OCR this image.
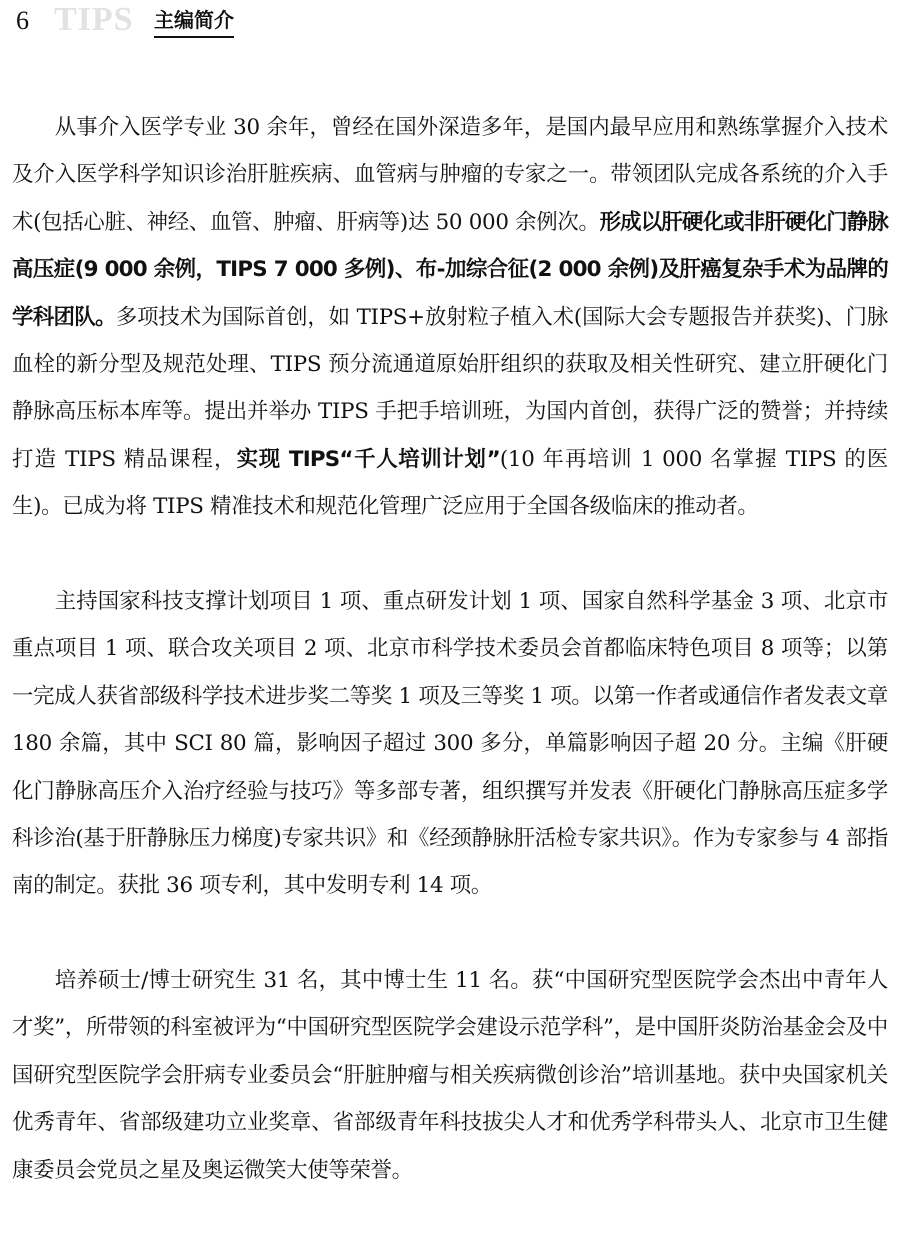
6 TIPS 主编简介

从事介入医学专业 30 余年，曾经在国外深造多年，是国内最早应用和熟练掌握介入技术及介入医学科学知识诊治肝脏疾病、血管病与肿瘤的专家之一。带领团队完成各系统的介入手术(包括心脏、神经、血管、肿瘤、肝病等)达 50 000 余例次。形成以肝硬化或非肝硬化门静脉高压症(9 000 余例，TIPS 7 000 多例)、布-加综合征(2 000 余例)及肝癌复杂手术为品牌的学科团队。多项技术为国际首创，如 TIPS+放射粒子植入术(国际大会专题报告并获奖)、门脉血栓的新分型及规范处理、TIPS 预分流通道原始肝组织的获取及相关性研究、建立肝硬化门静脉高压标本库等。提出并举办 TIPS 手把手培训班，为国内首创，获得广泛的赞誉；并持续打造 TIPS 精品课程，实现 TIPS“千人培训计划”(10 年再培训 1 000 名掌握 TIPS 的医生)。已成为将 TIPS 精准技术和规范化管理广泛应用于全国各级临床的推动者。

主持国家科技支撑计划项目 1 项、重点研发计划 1 项、国家自然科学基金 3 项、北京市重点项目 1 项、联合攻关项目 2 项、北京市科学技术委员会首都临床特色项目 8 项等；以第一完成人获省部级科学技术进步奖二等奖 1 项及三等奖 1 项。以第一作者或通信作者发表文章 180 余篇，其中 SCI 80 篇，影响因子超过 300 多分，单篇影响因子超 20 分。主编《肝硬化门静脉高压介入治疗经验与技巧》等多部专著，组织撰写并发表《肝硬化门静脉高压症多学科诊治(基于肝静脉压力梯度)专家共识》和《经颈静脉肝活检专家共识》。作为专家参与 4 部指南的制定。获批 36 项专利，其中发明专利 14 项。

培养硕士/博士研究生 31 名，其中博士生 11 名。获“中国研究型医院学会杰出中青年人才奖”，所带领的科室被评为“中国研究型医院学会建设示范学科”，是中国肝炎防治基金会及中国研究型医院学会肝病专业委员会“肝脏肿瘤与相关疾病微创诊治”培训基地。获中央国家机关优秀青年、省部级建功立业奖章、省部级青年科技拔尖人才和优秀学科带头人、北京市卫生健康委员会党员之星及奥运微笑大使等荣誉。
